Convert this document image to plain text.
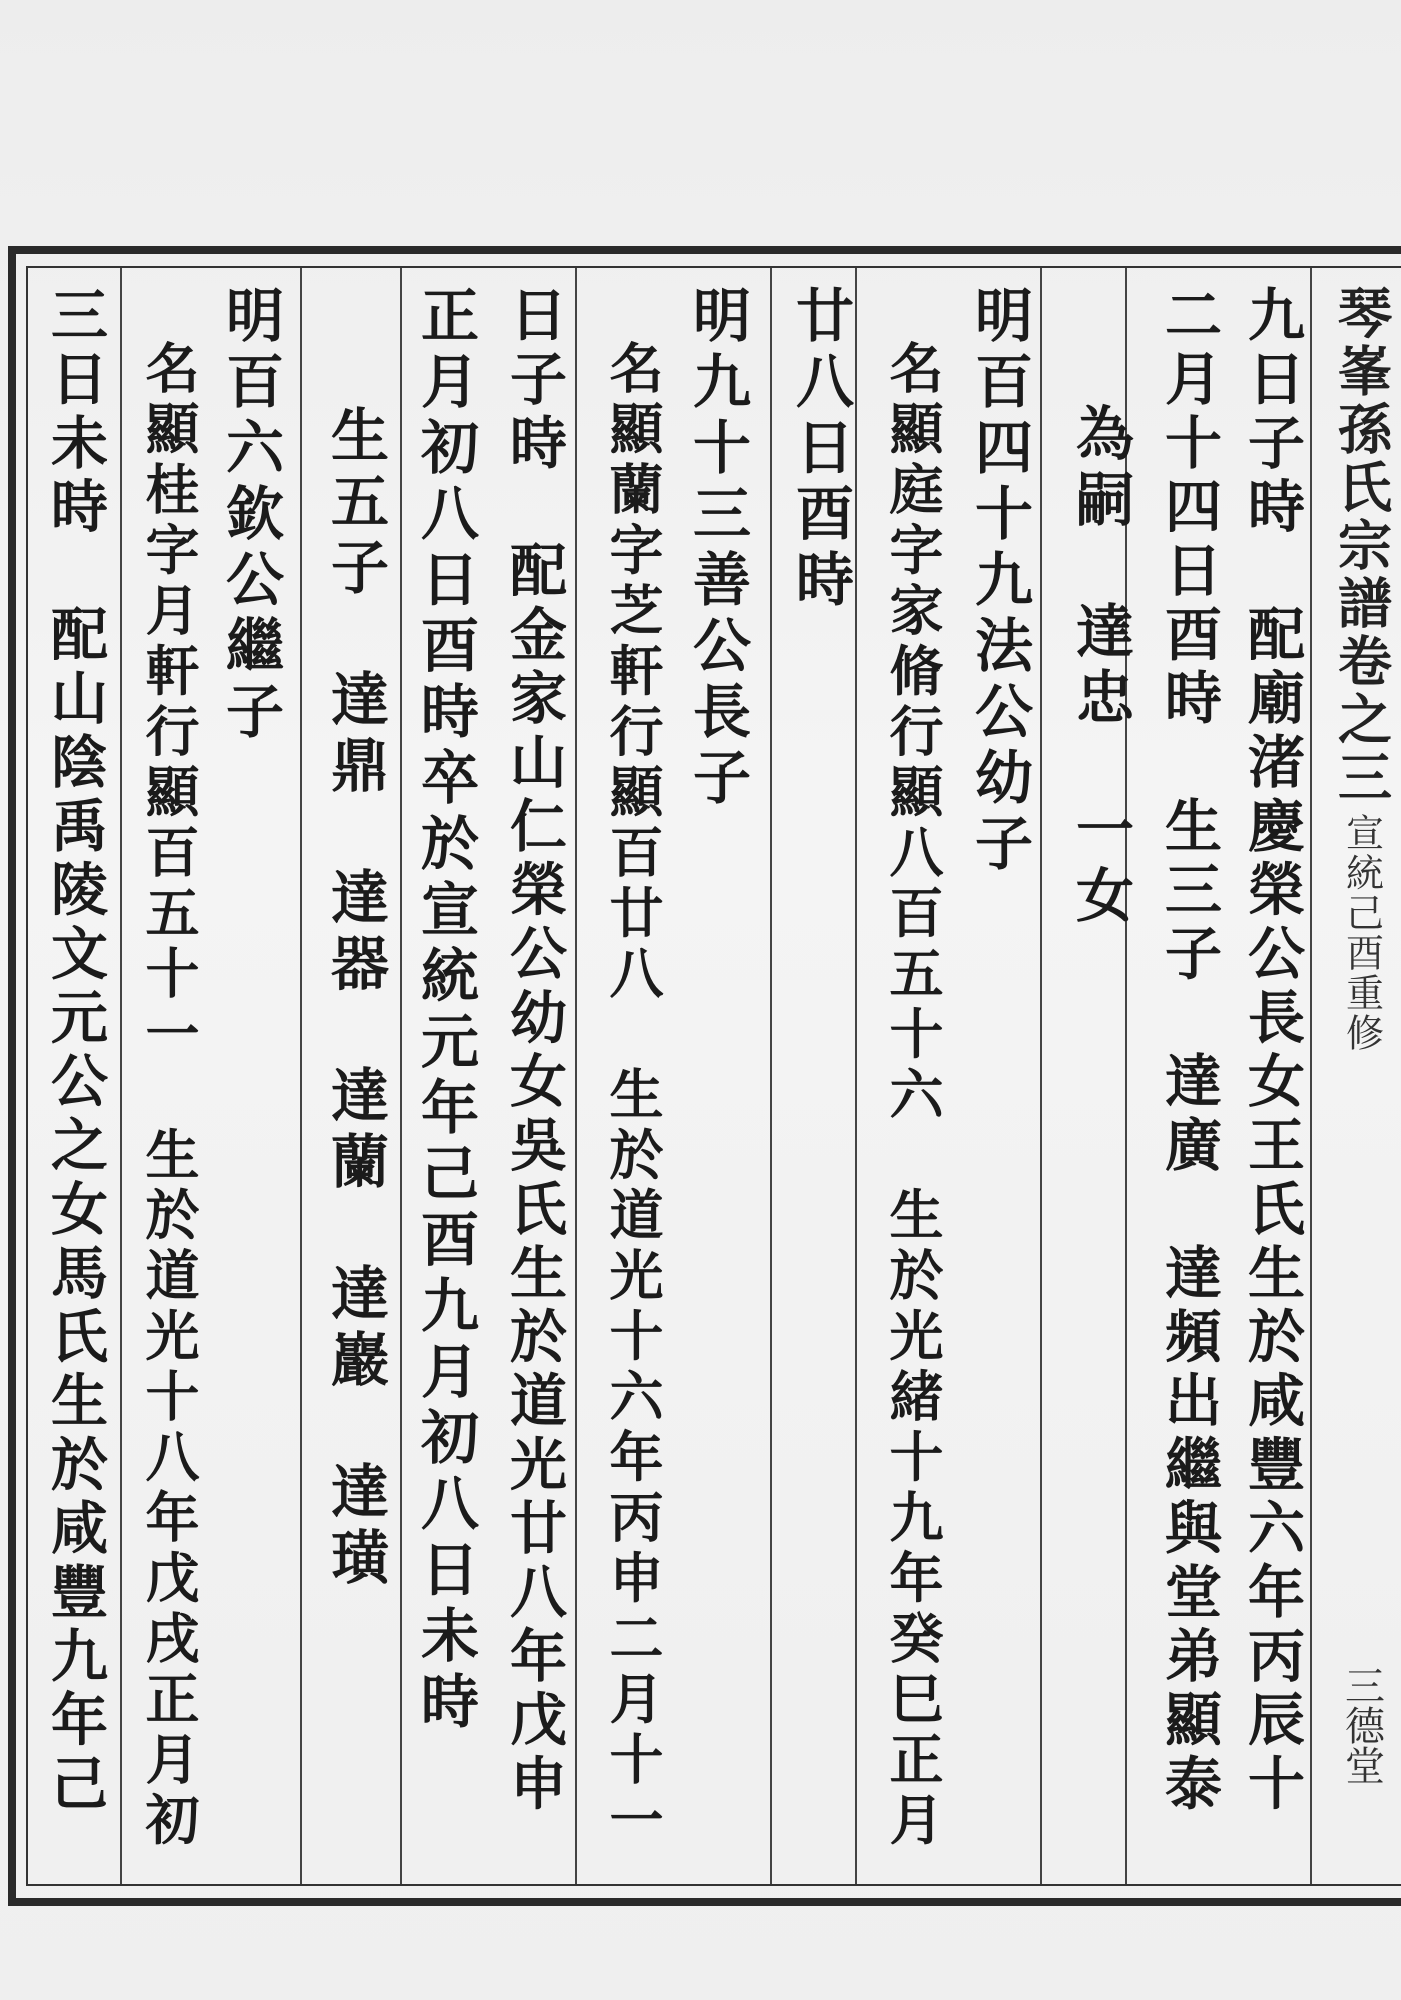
琴峯孫氏宗譜
卷之三
宣統己酉重修
三德堂
九日子時　配廟渚慶榮公長女王氏生於咸豐六年丙辰十
二月十四日酉時　生三子　達廣　達頻出繼與堂弟顯泰
為嗣　達忠　一女
明百四十九法公幼子
名顯庭字家脩行顯八百五十六　生於光緒十九年癸巳正月
廿八日酉時
明九十三善公長子
名顯蘭字芝軒行顯百廿八　生於道光十六年丙申二月十一
日子時　配金家山仁榮公幼女吳氏生於道光廿八年戊申
正月初八日酉時卒於宣統元年己酉九月初八日未時
生五子　達鼎　達器　達蘭　達巖　達璜
明百六欽公繼子
名顯桂字月軒行顯百五十一　生於道光十八年戊戌正月初
三日未時　配山陰禹陵文元公之女馬氏生於咸豐九年己
